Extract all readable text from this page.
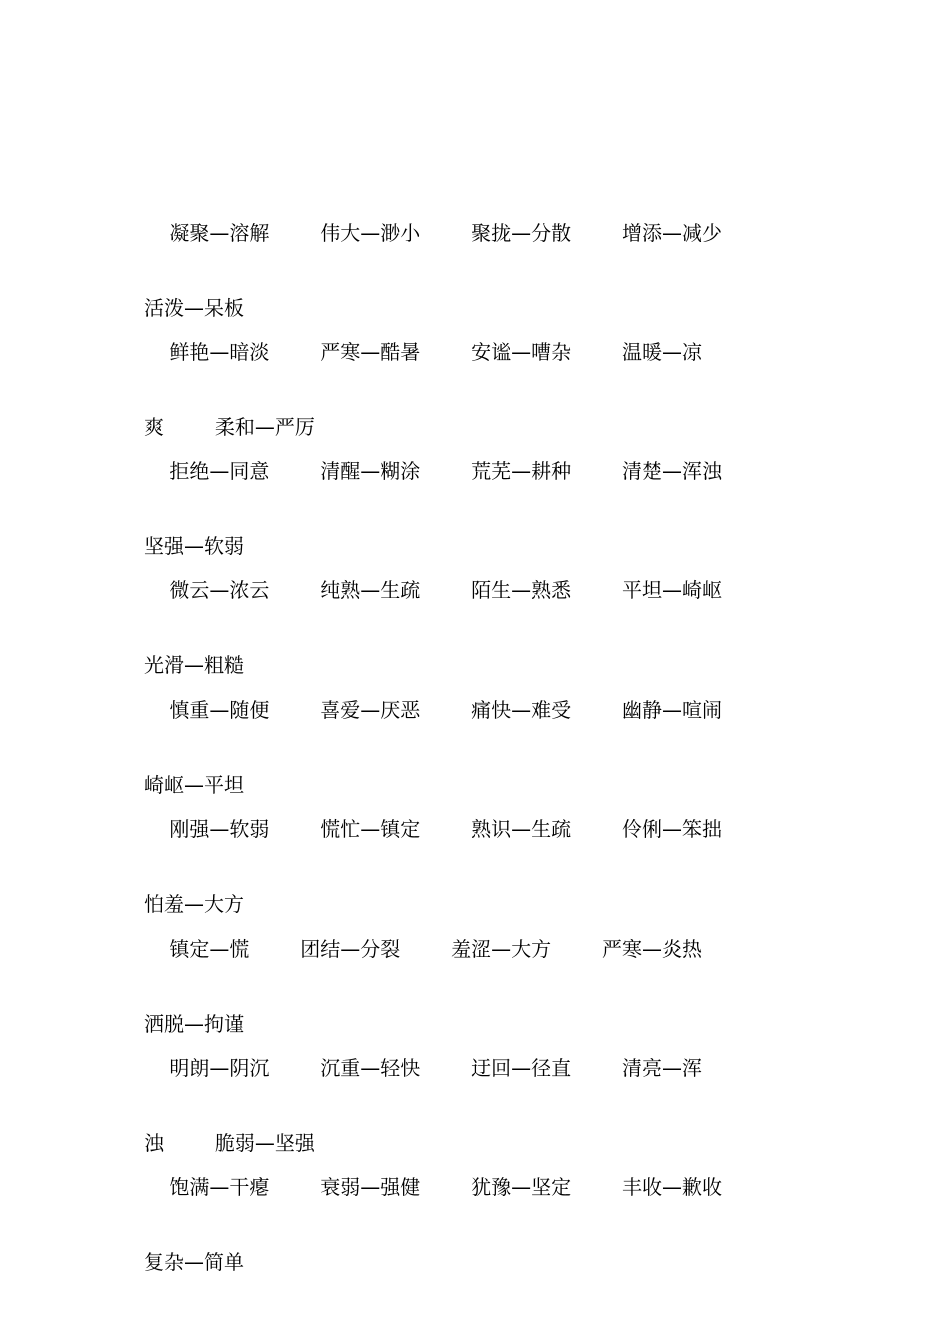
凝聚—溶解        伟大—渺小        聚拢—分散        增添—减少

活泼—呆板

鲜艳—暗淡        严寒—酷暑        安谧—嘈杂        温暖—凉

爽        柔和—严厉

拒绝—同意        清醒—糊涂        荒芜—耕种        清楚—浑浊

坚强—软弱

微云—浓云        纯熟—生疏        陌生—熟悉        平坦—崎岖

光滑—粗糙

慎重—随便        喜爱—厌恶        痛快—难受        幽静—喧闹

崎岖—平坦

刚强—软弱        慌忙—镇定        熟识—生疏        伶俐—笨拙

怕羞—大方

镇定—慌        团结—分裂        羞涩—大方        严寒—炎热

洒脱—拘谨

明朗—阴沉        沉重—轻快        迂回—径直        清亮—浑

浊        脆弱—坚强

饱满—干瘪        衰弱—强健        犹豫—坚定        丰收—歉收

复杂—简单
